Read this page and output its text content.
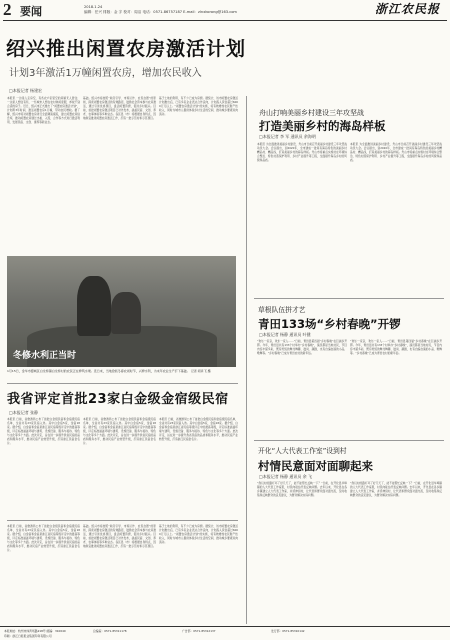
2 要闻	2018.1.24
编辑：任兴 排版：金 字 校对：周洁 电话：0571-86757187 E-mail：zlnxkorong@163.com	浙江农民报
绍兴推出闲置农房激活计划
计划3年激活1万幢闲置农房，增加农民收入
□本报记者 杨建宏
本报讯 一边是人走房空，有些农户家里空的房屋无人居住；一边是人想住有所，一些城市人想在农村休闲度假，却找不到合适的房子。近日，绍兴市正式推出了“闲置农房激活计划”，计划用3年时间，激活闲置农房1万幢，带动农民增收。据了解，绍兴市将对闲置农房进行全面调查摸底，建立闲置农房信息库，推动闲置农房通过出租、入股、合作等方式进行激活利用，发展民宿、文创、康养等新业态。
基础。绍兴市将按照“政府引导、市场运作、农民自愿”的原则，探索闲置农房激活的有效路径，鼓励社会资本参与农房激活，通过引进优质项目，盘活闲置资源，促进乡村振兴。目前，首批闲置农房激活项目已对外发布，涵盖民宿、文创、养老、农事体验等多种业态。各区县（市）将根据自身特点，因地制宜推进闲置农房激活工作，打造一批示范村和示范项目。
基于土地的利用，有不少已成为房源。据统计，该市闲置农房激活计划推出后，已有多家企业表达合作意向，计划投入资金超过6000万元以上。“闲置农房激活计划”的实施，将有效增加农民财产性收入，同时为城市人提供体验乡村生活的空间，推动城乡要素双向流动。
冬修水利正当时
1月15日，金华市婺城区白龙桥镇白龙桥村的农民正在修筑水渠。连日来，当地抢抓冬春农闲时节，兴修水利，为来年农业生产打下基础。 记者 胡肖飞 摄
我省评定首批23家白金级金宿级民宿
□本报记者 张静
本报讯 日前，省旅游局公布了首批白金级民宿和金宿级民宿名单，全省共有23家民宿入选。其中白金宿5家，金宿18家。据介绍，白金宿和金宿是浙江省民宿等级评定中的最高等级，评定标准涵盖环境与建筑、设施设备、服务与接待、特色与文化等多个方面。此次评定，旨在进一步提升我省民宿的品质和服务水平，推动民宿产业转型升级，打造浙江民宿金名片。
本报讯 日前，省旅游局公布了首批白金级民宿和金宿级民宿名单，全省共有23家民宿入选。其中白金宿5家，金宿18家。据介绍，白金宿和金宿是浙江省民宿等级评定中的最高等级，评定标准涵盖环境与建筑、设施设备、服务与接待、特色与文化等多个方面。此次评定，旨在进一步提升我省民宿的品质和服务水平，推动民宿产业转型升级，打造浙江民宿金名片。
本报讯 日前，省旅游局公布了首批白金级民宿和金宿级民宿名单，全省共有23家民宿入选。其中白金宿5家，金宿18家。据介绍，白金宿和金宿是浙江省民宿等级评定中的最高等级，评定标准涵盖环境与建筑、设施设备、服务与接待、特色与文化等多个方面。此次评定，旨在进一步提升我省民宿的品质和服务水平，推动民宿产业转型升级，打造浙江民宿金名片。
本报讯 日前，省旅游局公布了首批白金级民宿和金宿级民宿名单，全省共有23家民宿入选。其中白金宿5家，金宿18家。据介绍，白金宿和金宿是浙江省民宿等级评定中的最高等级，评定标准涵盖环境与建筑、设施设备、服务与接待、特色与文化等多个方面。此次评定，旨在进一步提升我省民宿的品质和服务水平，推动民宿产业转型升级，打造浙江民宿金名片。
基础。绍兴市将按照“政府引导、市场运作、农民自愿”的原则，探索闲置农房激活的有效路径，鼓励社会资本参与农房激活，通过引进优质项目，盘活闲置资源，促进乡村振兴。目前，首批闲置农房激活项目已对外发布，涵盖民宿、文创、养老、农事体验等多种业态。各区县（市）将根据自身特点，因地制宜推进闲置农房激活工作，打造一批示范村和示范项目。
基于土地的利用，有不少已成为房源。据统计，该市闲置农房激活计划推出后，已有多家企业表达合作意向，计划投入资金超过6000万元以上。“闲置农房激活计划”的实施，将有效增加农民财产性收入，同时为城市人提供体验乡村生活的空间，推动城乡要素双向流动。
舟山打响美丽乡村建设三年攻坚战
打造美丽乡村的海岛样板
□本报记者 李 军 通讯员 余海明
本报讯 为全面推进美丽乡村建设，舟山市日前召开美丽乡村建设三年攻坚战动员大会。会议提出，到2020年，全市建成一批具有海岛特色的美丽乡村精品村、精品线，打造美丽乡村的海岛样板。舟山市将重点实施村庄环境综合整治、特色村落保护利用、乡村产业提升等工程，全面提升海岛乡村的风貌和品质。
本报讯 为全面推进美丽乡村建设，舟山市日前召开美丽乡村建设三年攻坚战动员大会。会议提出，到2020年，全市建成一批具有海岛特色的美丽乡村精品村、精品线，打造美丽乡村的海岛样板。舟山市将重点实施村庄环境综合整治、特色村落保护利用、乡村产业提升等工程，全面提升海岛乡村的风貌和品质。
草根队伍拼才艺
青田133场“乡村春晚”开锣
□本报记者 杨静 通讯员 叶健
“欢乐一家亲，欢乐一家人……”日前，青田县第四届“乡村春晚”在巨浦乡开锣。今年，青田县共有133个村举办“乡村春晚”，演员都是当地村民，节目内容丰富多彩，既有传统的舞龙舞狮、鼓词、越剧，也有自编自演的小品、歌舞等。“乡村春晚”已成为青田农村的新年俗。
“欢乐一家亲，欢乐一家人……”日前，青田县第四届“乡村春晚”在巨浦乡开锣。今年，青田县共有133个村举办“乡村春晚”，演员都是当地村民，节目内容丰富多彩，既有传统的舞龙舞狮、鼓词、越剧，也有自编自演的小品、歌舞等。“乡村春晚”已成为青田农村的新年俗。
开化“人大代表工作室”设到村
村情民意面对面聊起来
□本报记者 杨静 通讯员 余 飞
“我们村的路灯坏了好几天了，能不能帮忙反映一下？”日前，在开化县华埠镇的人大代表工作室里，村民向驻站代表反映问题。去年以来，开化县在各乡镇建立人大代表工作室，并延伸到村，让代表和群众面对面交流，及时收集和反映群众的意见建议，为群众解决实际问题。
“我们村的路灯坏了好几天了，能不能帮忙反映一下？”日前，在开化县华埠镇的人大代表工作室里，村民向驻站代表反映问题。去年以来，开化县在各乡镇建立人大代表工作室，并延伸到村，让代表和群众面对面交流，及时收集和反映群众的意见建议，为群众解决实际问题。
本报地址：杭州市体育场路218号 邮编：310040	总编室：0571-85311178	广告部：0571-85312137	发行部：0571-85310142印刷：浙江日报报业集团印务有限公司
